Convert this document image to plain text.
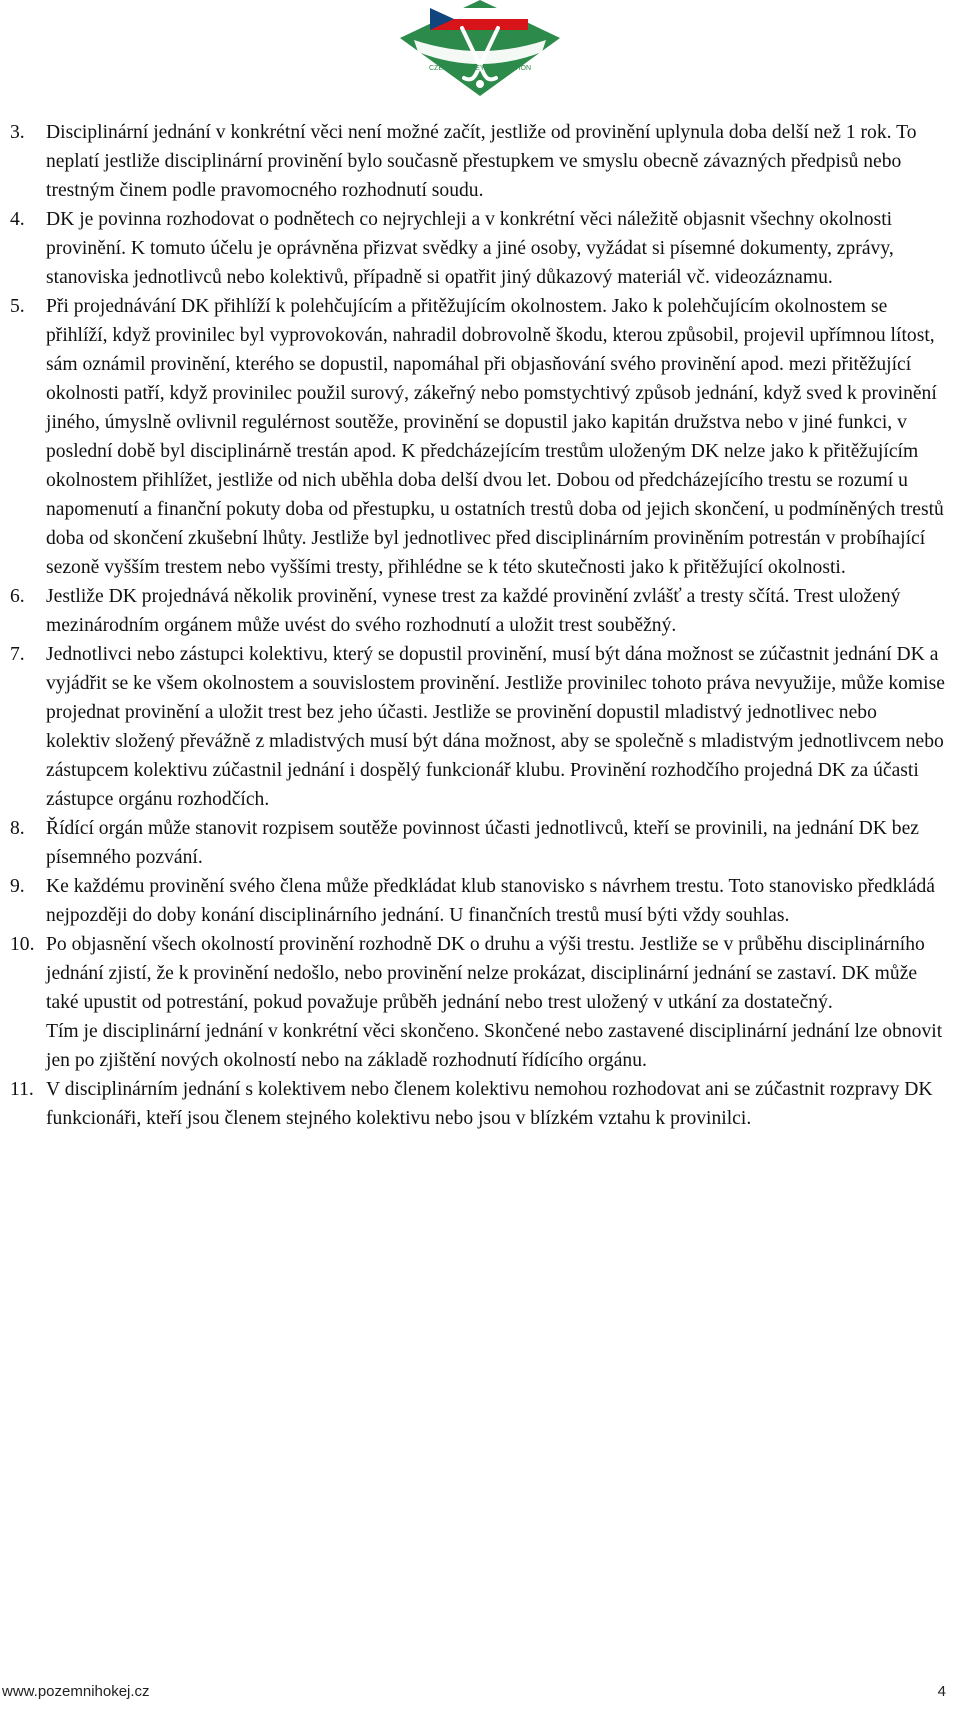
CZECH HOCKEY FEDERATION
3. Disciplinární jednání v konkrétní věci není možné začít, jestliže od provinění uplynula doba delší než 1 rok. To neplatí jestliže disciplinární provinění bylo současně přestupkem ve smyslu obecně závazných předpisů nebo trestným činem podle pravomocného rozhodnutí soudu.

4. DK je povinna rozhodovat o podnětech co nejrychleji a v konkrétní věci náležitě objasnit všechny okolnosti provinění. K tomuto účelu je oprávněna přizvat svědky a jiné osoby, vyžádat si písemné dokumenty, zprávy, stanoviska jednotlivců nebo kolektivů, případně si opatřit jiný důkazový materiál vč. videozáznamu.

5. Při projednávání DK přihlíží k polehčujícím a přitěžujícím okolnostem. Jako k polehčujícím okolnostem se přihlíží, když provinilec byl vyprovokován, nahradil dobrovolně škodu, kterou způsobil, projevil upřímnou lítost, sám oznámil provinění, kterého se dopustil, napomáhal při objasňování svého provinění apod. mezi přitěžující okolnosti patří, když provinilec použil surový, zákeřný nebo pomstychtivý způsob jednání, když sved k provinění jiného, úmyslně ovlivnil regulérnost soutěže, provinění se dopustil jako kapitán družstva nebo v jiné funkci, v poslední době byl disciplinárně trestán apod. K předcházejícím trestům uloženým DK nelze jako k přitěžujícím okolnostem přihlížet, jestliže od nich uběhla doba delší dvou let. Dobou od předcházejícího trestu se rozumí u napomenutí a finanční pokuty doba od přestupku, u ostatních trestů doba od jejich skončení, u podmíněných trestů doba od skončení zkušební lhůty. Jestliže byl jednotlivec před disciplinárním proviněním potrestán v probíhající sezoně vyšším trestem nebo vyššími tresty, přihlédne se k této skutečnosti jako k přitěžující okolnosti.

6. Jestliže DK projednává několik provinění, vynese trest za každé provinění zvlášť a tresty sčítá. Trest uložený mezinárodním orgánem může uvést do svého rozhodnutí a uložit trest souběžný.

7. Jednotlivci nebo zástupci kolektivu, který se dopustil provinění, musí být dána možnost se zúčastnit jednání DK a vyjádřit se ke všem okolnostem a souvislostem provinění. Jestliže provinilec tohoto práva nevyužije, může komise projednat provinění a uložit trest bez jeho účasti. Jestliže se provinění dopustil mladistvý jednotlivec nebo kolektiv složený převážně z mladistvých musí být dána možnost, aby se společně s mladistvým jednotlivcem nebo zástupcem kolektivu zúčastnil jednání i dospělý funkcionář klubu. Provinění rozhodčího projedná DK za účasti zástupce orgánu rozhodčích.

8. Řídící orgán může stanovit rozpisem soutěže povinnost účasti jednotlivců, kteří se provinili, na jednání DK bez písemného pozvání.

9. Ke každému provinění svého člena může předkládat klub stanovisko s návrhem trestu. Toto stanovisko předkládá nejpozději do doby konání disciplinárního jednání. U finančních trestů musí býti vždy souhlas.

10. Po objasnění všech okolností provinění rozhodně DK o druhu a výši trestu. Jestliže se v průběhu disciplinárního jednání zjistí, že k provinění nedošlo, nebo provinění nelze prokázat, disciplinární jednání se zastaví. DK může také upustit od potrestání, pokud považuje průběh jednání nebo trest uložený v utkání za dostatečný.

Tím je disciplinární jednání v konkrétní věci skončeno. Skončené nebo zastavené disciplinární jednání lze obnovit jen po zjištění nových okolností nebo na základě rozhodnutí řídícího orgánu.

11. V disciplinárním jednání s kolektivem nebo členem kolektivu nemohou rozhodovat ani se zúčastnit rozpravy DK funkcionáři, kteří jsou členem stejného kolektivu nebo jsou v blízkém vztahu k provinilci.

www.pozemnihokej.cz	4
